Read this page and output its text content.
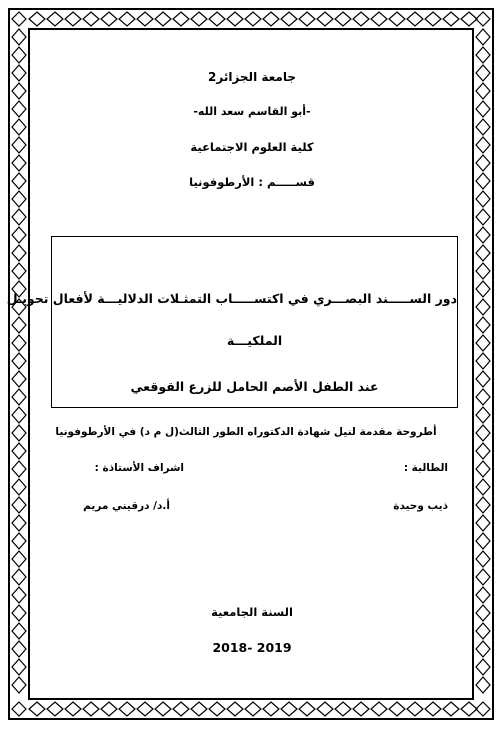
جامعة الجزائر2
-أبو القاسم سعد الله-
كلية العلوم الاجتماعية
قســـــم : الأرطوفونيا
دور الســـــند البصـــري في اكتســـــاب التمثـلات الدلاليـــة لأفعال تحويـل
الملكيـــة
عند الطفل الأصم الحامل للزرع القوقعي
أطروحة مقدمة لنيل شهادة الدكتوراه الطور الثالث(ل م د) في الأرطوفونيا
الطالبة :
اشراف الأستاذة :
ذيب وحيدة
أ.د/ درقيني مريم
السنة الجامعية
2018- 2019
